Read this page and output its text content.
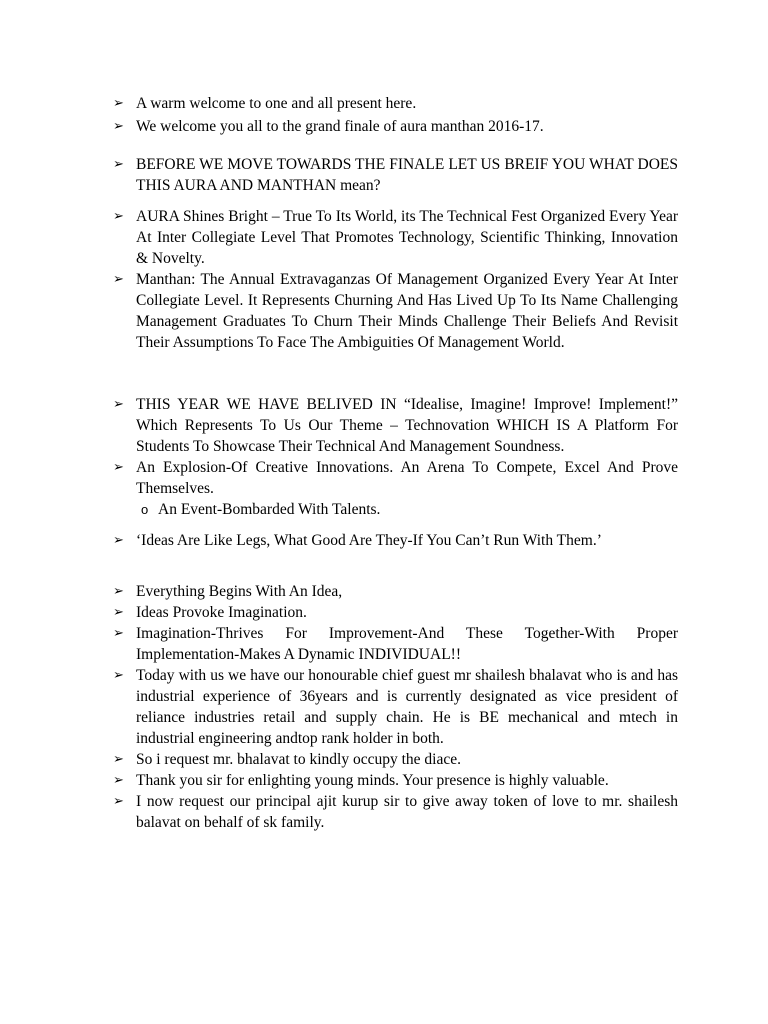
➢ A warm welcome to one and all present here.
➢ We welcome you all to the grand finale of aura manthan 2016-17.
➢ BEFORE WE MOVE TOWARDS THE FINALE LET US BREIF YOU WHAT DOES THIS AURA AND MANTHAN mean?
➢ AURA Shines Bright – True To Its World, its The Technical Fest Organized Every Year At Inter Collegiate Level That Promotes Technology, Scientific Thinking, Innovation & Novelty.
➢ Manthan: The Annual Extravaganzas Of Management Organized Every Year At Inter Collegiate Level. It Represents Churning And Has Lived Up To Its Name Challenging Management Graduates To Churn Their Minds Challenge Their Beliefs And Revisit Their Assumptions To Face The Ambiguities Of Management World.
➢ THIS YEAR WE HAVE BELIVED IN “Idealise, Imagine! Improve! Implement!” Which Represents To Us Our Theme – Technovation WHICH IS A Platform For Students To Showcase Their Technical And Management Soundness.
➢ An Explosion-Of Creative Innovations. An Arena To Compete, Excel And Prove Themselves.
o An Event-Bombarded With Talents.
➢ ‘Ideas Are Like Legs, What Good Are They-If You Can’t Run With Them.’
➢ Everything Begins With An Idea,
➢ Ideas Provoke Imagination.
➢ Imagination-Thrives For Improvement-And These Together-With Proper Implementation-Makes A Dynamic INDIVIDUAL!!
➢ Today with us we have our honourable chief guest mr shailesh bhalavat who is and has industrial experience of 36years and is currently designated as vice president of reliance industries retail and supply chain. He is BE mechanical and mtech in industrial engineering andtop rank holder in both.
➢ So i request mr. bhalavat to kindly occupy the diace.
➢ Thank you sir for enlighting young minds. Your presence is highly valuable.
➢ I now request our principal ajit kurup sir to give away token of love to mr. shailesh balavat on behalf of sk family.
